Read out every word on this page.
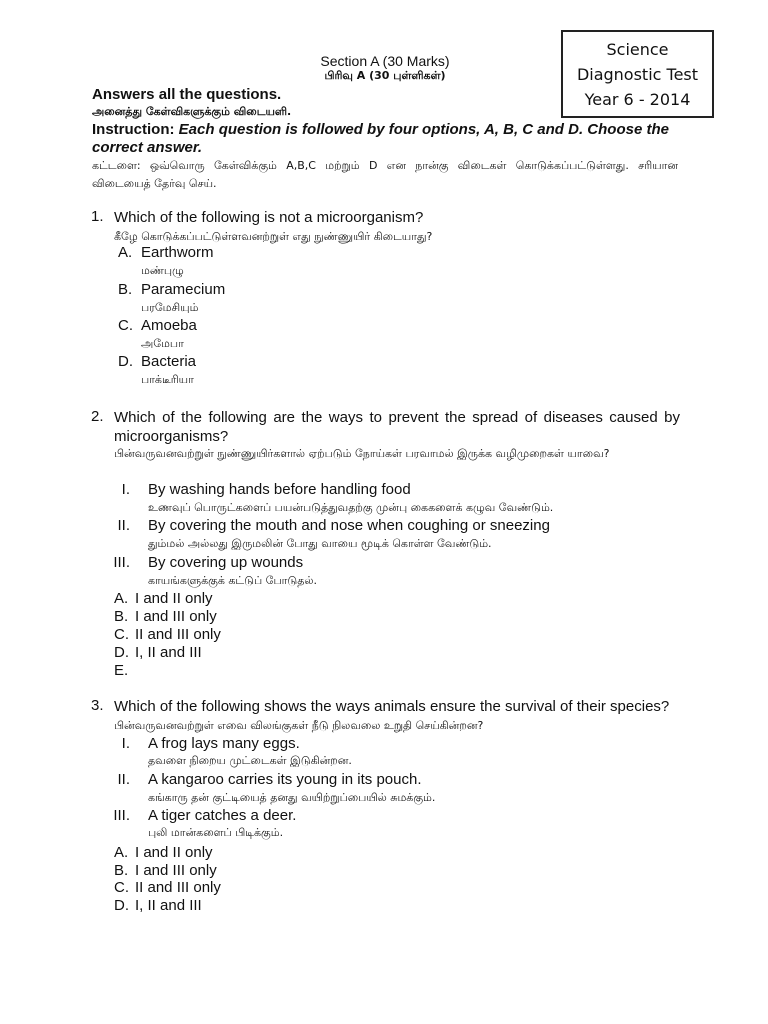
Science
Diagnostic Test
Year 6 - 2014
Section A (30 Marks)
பிரிவு A (30 புள்ளிகள்)
Answers all the questions.
அனைத்து கேள்விகளுக்கும் விடையளி.
Instruction: Each question is followed by four options, A, B, C and D. Choose the correct answer.
கட்டளை: ஒவ்வொரு கேள்விக்கும் A,B,C மற்றும் D என நான்கு விடைகள் கொடுக்கப்பட்டுள்ளது. சரியான விடையைத் தேர்வு செய்.
1. Which of the following is not a microorganism?
கீழே கொடுக்கப்பட்டுள்ளவனற்றுள் எது நுண்ணுயிர் கிடையாது?
A. Earthworm
மண்புழு
B. Paramecium
பரமேசியும்
C. Amoeba
அமேபா
D. Bacteria
பாக்டீரியா
2. Which of the following are the ways to prevent the spread of diseases caused by microorganisms?
பின்வருவனவற்றுள் நுண்ணுயிர்களால் ஏற்படும் நோய்கள் பரவாமல் இருக்க வழிமுறைகள் யாவை?
I. By washing hands before handling food
உணவுப் பொருட்களைப் பயன்படுத்துவதற்கு முன்பு கைகளைக் கழுவ வேண்டும்.
II. By covering the mouth and nose when coughing or sneezing
தும்மல் அல்லது இருமலின் போது வாயை மூடிக் கொள்ள வேண்டும்.
III. By covering up wounds
காயங்களுக்குக் கட்டுப் போடுதல்.
A. I and II only
B. I and III only
C. II and III only
D. I, II and III
E.
3. Which of the following shows the ways animals ensure the survival of their species?
பின்வருவனவற்றுள் எவை விலங்குகள் நீடு நிலவலை உறுதி செய்கின்றன?
I. A frog lays many eggs.
தவளை நிறைய முட்டைகள் இடுகின்றன.
II. A kangaroo carries its young in its pouch.
கங்காரு தன் குட்டியைத் தனது வயிற்றுப்பையில் சுமக்கும்.
III. A tiger catches a deer.
புலி மான்களைப் பிடிக்கும்.
A. I and II only
B. I and III only
C. II and III only
D. I, II and III
